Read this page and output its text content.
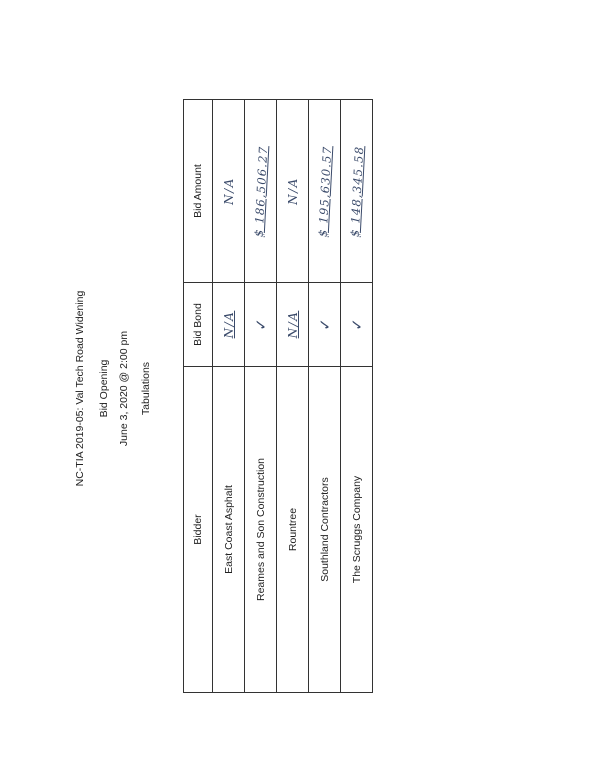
NC-TIA 2019-05: Val Tech Road Widening Bid Opening June 3, 2020 @ 2:00 pm Tabulations
Bidder	Bid Bond	Bid Amount
East Coast Asphalt	N/A	N/A
Reames and Son Construction	✓	$ 186,506.27
Rountree	N/A	N/A
Southland Contractors	✓	$ 195,630.57
The Scruggs Company	✓	$ 148,345.58
